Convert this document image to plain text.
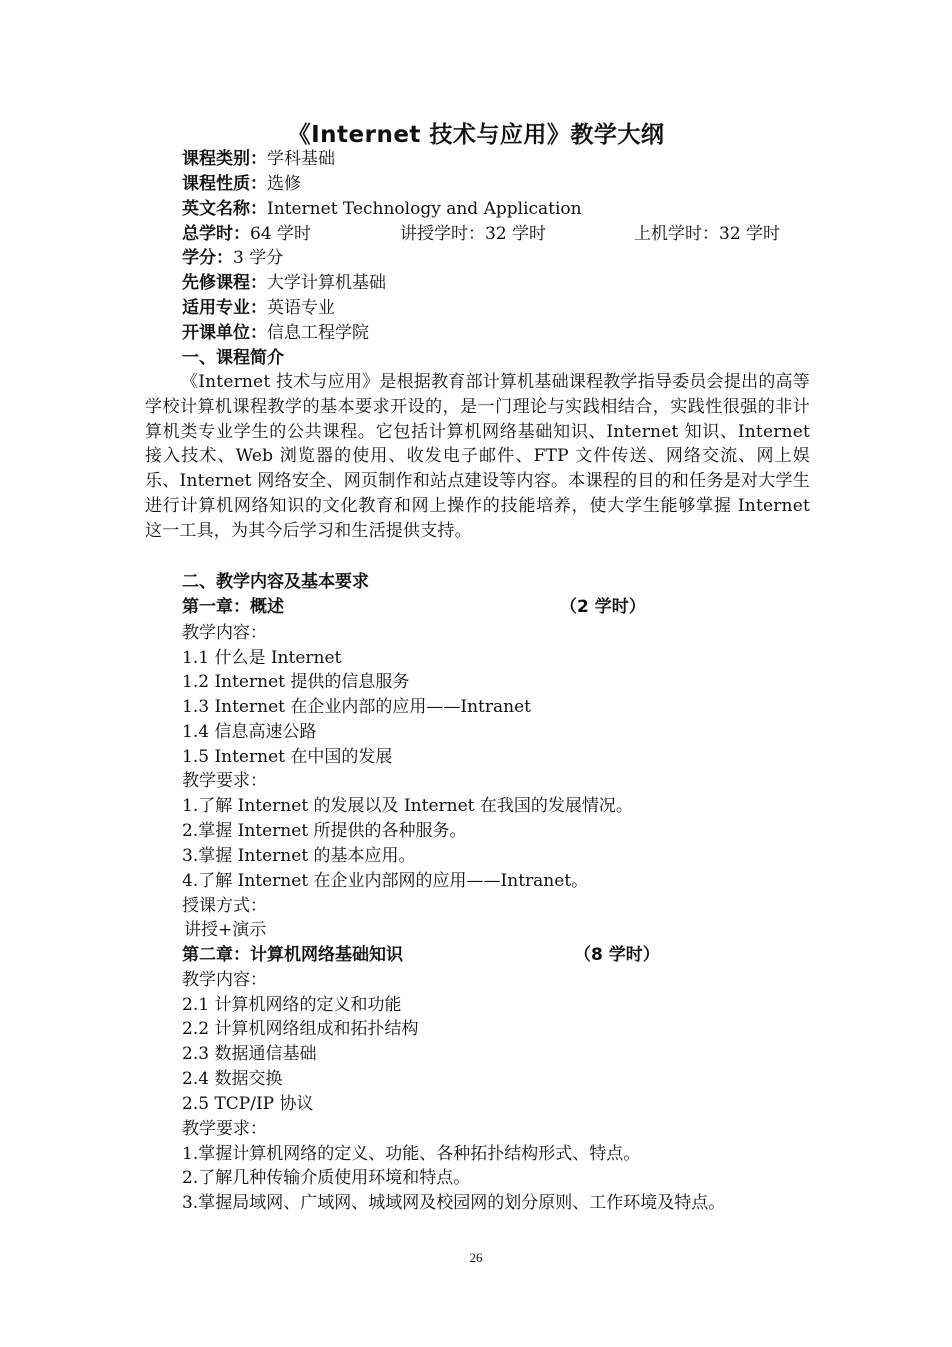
《Internet 技术与应用》教学大纲
课程类别：学科基础
课程性质：选修
英文名称：Internet Technology and Application
总学时：64 学时	讲授学时：32 学时	上机学时：32 学时
学分：3 学分
先修课程：大学计算机基础
适用专业：英语专业
开课单位：信息工程学院
一、课程简介
《Internet 技术与应用》是根据教育部计算机基础课程教学指导委员会提出的高等学校计算机课程教学的基本要求开设的，是一门理论与实践相结合，实践性很强的非计算机类专业学生的公共课程。它包括计算机网络基础知识、Internet 知识、Internet 接入技术、Web 浏览器的使用、收发电子邮件、FTP 文件传送、网络交流、网上娱乐、Internet 网络安全、网页制作和站点建设等内容。本课程的目的和任务是对大学生进行计算机网络知识的文化教育和网上操作的技能培养，使大学生能够掌握 Internet 这一工具，为其今后学习和生活提供支持。
二、教学内容及基本要求
第一章：概述	（2 学时）
教学内容：
1.1 什么是 Internet
1.2 Internet 提供的信息服务
1.3 Internet 在企业内部的应用——Intranet
1.4 信息高速公路
1.5 Internet 在中国的发展
教学要求：
1.了解 Internet 的发展以及 Internet 在我国的发展情况。
2.掌握 Internet 所提供的各种服务。
3.掌握 Internet 的基本应用。
4.了解 Internet 在企业内部网的应用——Intranet。
授课方式：
讲授+演示
第二章：计算机网络基础知识	（8 学时）
教学内容：
2.1 计算机网络的定义和功能
2.2 计算机网络组成和拓扑结构
2.3 数据通信基础
2.4 数据交换
2.5 TCP/IP 协议
教学要求：
1.掌握计算机网络的定义、功能、各种拓扑结构形式、特点。
2.了解几种传输介质使用环境和特点。
3.掌握局域网、广域网、城域网及校园网的划分原则、工作环境及特点。
26
